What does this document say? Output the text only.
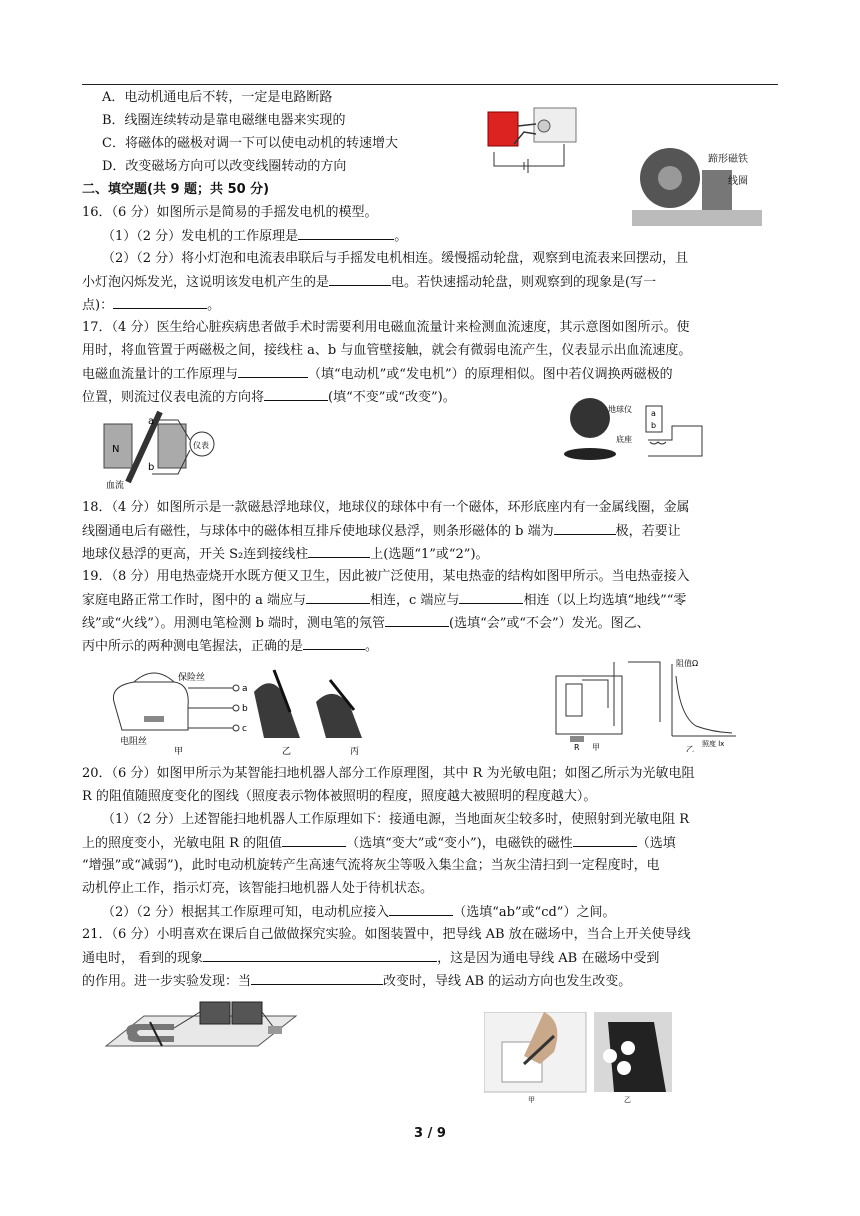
A．电动机通电后不转，一定是电路断路
B．线圈连续转动是靠电磁继电器来实现的
C．将磁体的磁极对调一下可以使电动机的转速增大
D．改变磁场方向可以改变线圈转动的方向	蹄形磁铁
线圈
二、填空题(共 9 题；共 50 分)
16．（6 分）如图所示是简易的手摇发电机的模型。
（1）（2 分）发电机的工作原理是	。
（2）（2 分）将小灯泡和电流表串联后与手摇发电机相连。缓慢摇动轮盘，观察到电流表来回摆动，且
小灯泡闪烁发光，这说明该发电机产生的是	电。若快速摇动轮盘，则观察到的现象是(写一
点)：	。
17．（4 分）医生给心脏疾病患者做手术时需要利用电磁血流量计来检测血流速度，其示意图如图所示。使
用时，将血管置于两磁极之间，接线柱 a、b 与血管壁接触，就会有微弱电流产生，仪表显示出血流速度。
电磁血流量计的工作原理与	（填“电动机”或“发电机”）的原理相似。图中若仪调换两磁极的
位置，则流过仪表电流的方向将	(填“不变”或“改变”)。
N
a
b
仪表
血流
地球仪 a
b
底座
18．（4 分）如图所示是一款磁悬浮地球仪，地球仪的球体中有一个磁体，环形底座内有一金属线圈，金属
线圈通电后有磁性，与球体中的磁体相互排斥使地球仪悬浮，则条形磁体的 b 端为	极，若要让
地球仪悬浮的更高，开关 S₂连到接线柱	上(选题“1”或“2”)。
19．（8 分）用电热壶烧开水既方便又卫生，因此被广泛使用，某电热壶的结构如图甲所示。当电热壶接入
家庭电路正常工作时，图中的 a 端应与	相连，c 端应与	相连（以上均选填“地线”“零
线”或“火线”）。用测电笔检测 b 端时，测电笔的氖管	(选填“会”或“不会”）发光。图乙、
丙中所示的两种测电笔握法，正确的是	。
保险丝
a
b
c
电阻丝
甲	乙	丙	R 甲
阻值Ω
照度 lx
乙
20．（6 分）如图甲所示为某智能扫地机器人部分工作原理图，其中 R 为光敏电阻；如图乙所示为光敏电阻
R 的阻值随照度变化的图线（照度表示物体被照明的程度，照度越大被照明的程度越大）。
（1）（2 分）上述智能扫地机器人工作原理如下：接通电源，当地面灰尘较多时，使照射到光敏电阻 R
上的照度变小，光敏电阻 R 的阻值	（选填“变大”或“变小”)，电磁铁的磁性	（选填
“增强”或“减弱”)，此时电动机旋转产生高速气流将灰尘等吸入集尘盒；当灰尘清扫到一定程度时，电
动机停止工作，指示灯亮，该智能扫地机器人处于待机状态。
（2）（2 分）根据其工作原理可知，电动机应接入	（选填“ab”或“cd”）之间。
21．（6 分）小明喜欢在课后自己做做探究实验。如图装置中，把导线 AB 放在磁场中，当合上开关使导线
通电时， 看到的现象	，这是因为通电导线 AB 在磁场中受到
的作用。进一步实验发现：当	改变时，导线 AB 的运动方向也发生改变。
甲	乙
3 / 9
